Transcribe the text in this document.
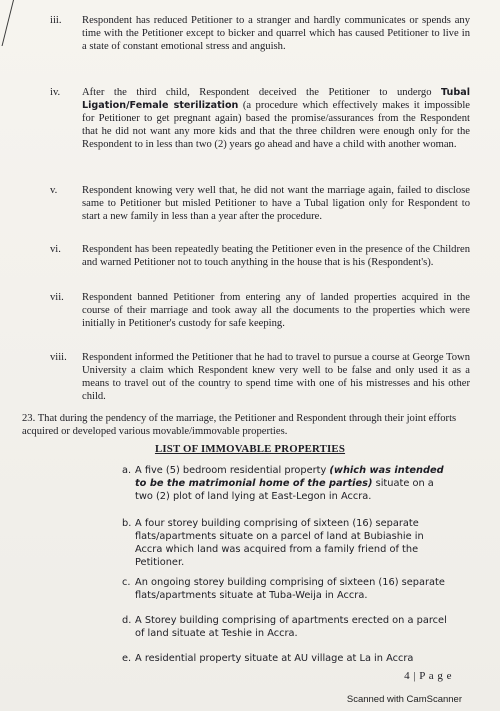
iii.	Respondent has reduced Petitioner to a stranger and hardly communicates or spends any time with the Petitioner except to bicker and quarrel which has caused Petitioner to live in a state of constant emotional stress and anguish.
iv.	After the third child, Respondent deceived the Petitioner to undergo Tubal Ligation/Female sterilization (a procedure which effectively makes it impossible for Petitioner to get pregnant again) based the promise/assurances from the Respondent that he did not want any more kids and that the three children were enough only for the Respondent to in less than two (2) years go ahead and have a child with another woman.
v.	Respondent knowing very well that, he did not want the marriage again, failed to disclose same to Petitioner but misled Petitioner to have a Tubal ligation only for Respondent to start a new family in less than a year after the procedure.
vi.	Respondent has been repeatedly beating the Petitioner even in the presence of the Children and warned Petitioner not to touch anything in the house that is his (Respondent's).
vii.	Respondent banned Petitioner from entering any of landed properties acquired in the course of their marriage and took away all the documents to the properties which were initially in Petitioner's custody for safe keeping.
viii.	Respondent informed the Petitioner that he had to travel to pursue a course at George Town University a claim which Respondent knew very well to be false and only used it as a means to travel out of the country to spend time with one of his mistresses and his other child.
23. That during the pendency of the marriage, the Petitioner and Respondent through their joint efforts acquired or developed various movable/immovable properties.
LIST OF IMMOVABLE PROPERTIES
a. A five (5) bedroom residential property (which was intended to be the matrimonial home of the parties) situate on a two (2) plot of land lying at East-Legon in Accra.
b. A four storey building comprising of sixteen (16) separate flats/apartments situate on a parcel of land at Bubiashie in Accra which land was acquired from a family friend of the Petitioner.
c. An ongoing storey building comprising of sixteen (16) separate flats/apartments situate at Tuba-Weija in Accra.
d. A Storey building comprising of apartments erected on a parcel of land situate at Teshie in Accra.
e. A residential property situate at AU village at La in Accra
4 | P a g e
Scanned with CamScanner
